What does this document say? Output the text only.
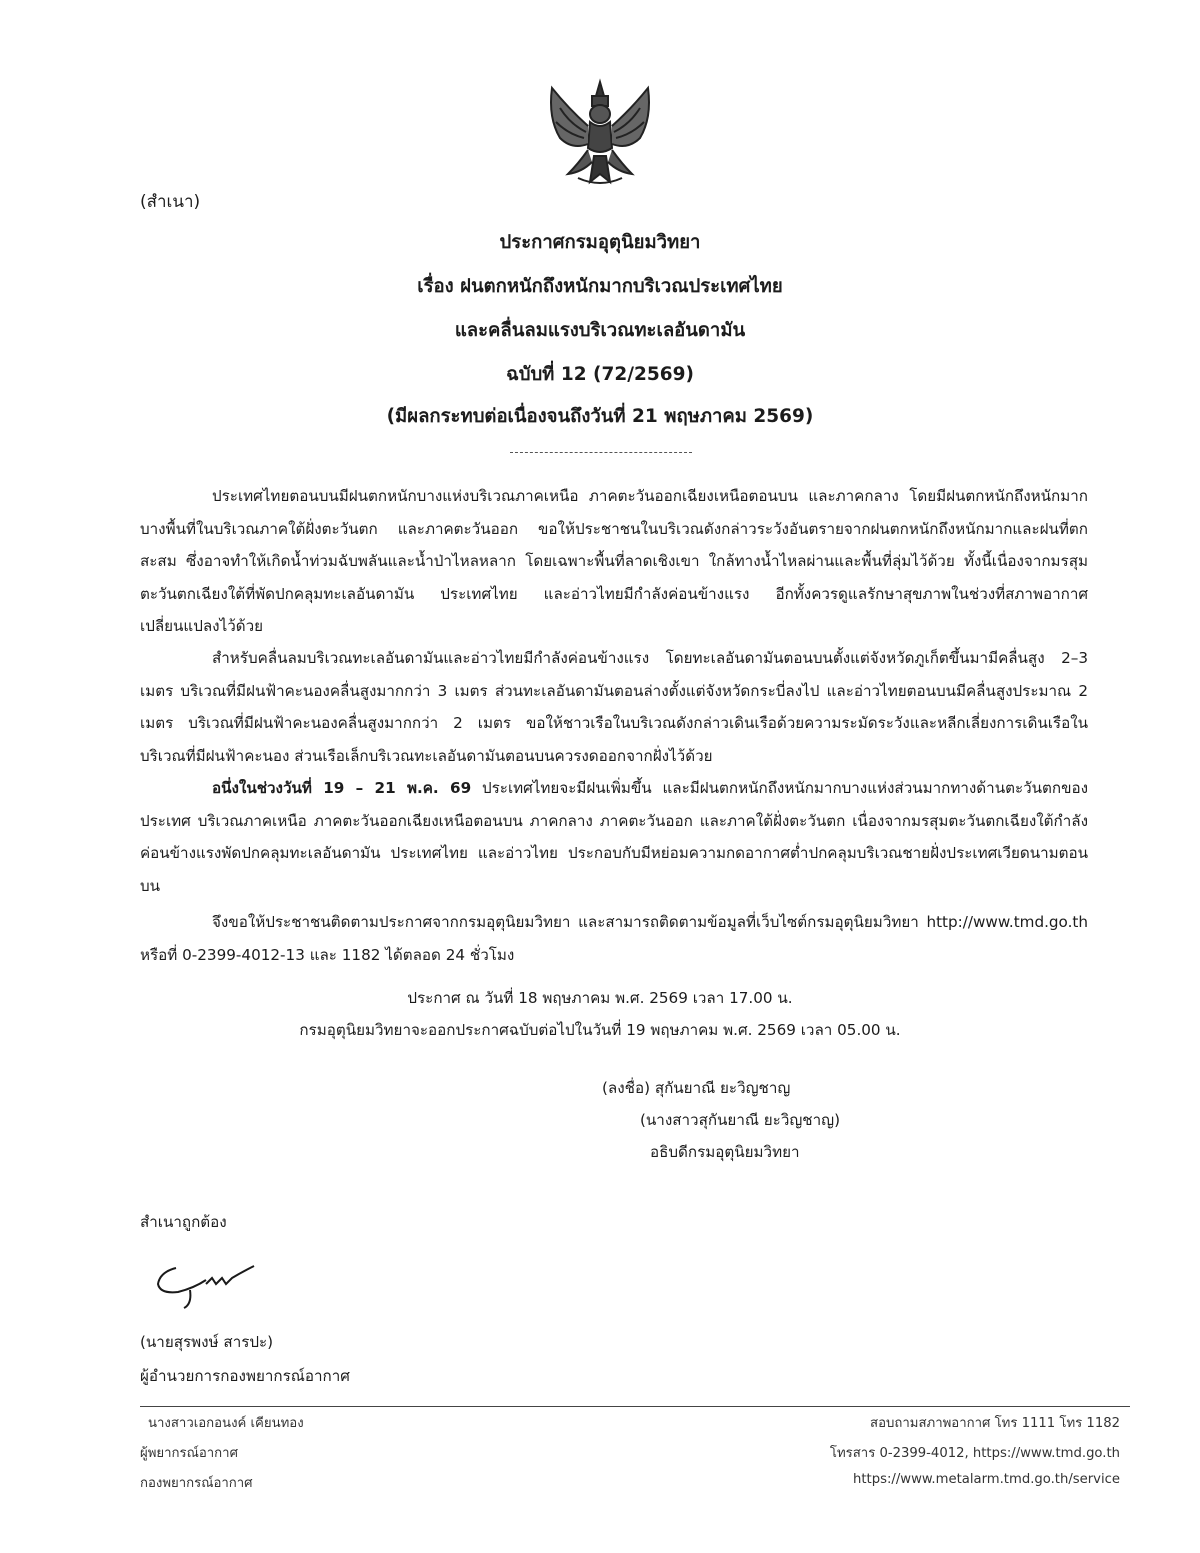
(สำเนา)
ประกาศกรมอุตุนิยมวิทยา
เรื่อง ฝนตกหนักถึงหนักมากบริเวณประเทศไทย
และคลื่นลมแรงบริเวณทะเลอันดามัน
ฉบับที่ 12 (72/2569)
(มีผลกระทบต่อเนื่องจนถึงวันที่ 21 พฤษภาคม 2569)
ประเทศไทยตอนบนมีฝนตกหนักบางแห่งบริเวณภาคเหนือ ภาคตะวันออกเฉียงเหนือตอนบน และภาคกลาง โดยมีฝนตกหนักถึงหนักมากบางพื้นที่ในบริเวณภาคใต้ฝั่งตะวันตก และภาคตะวันออก ขอให้ประชาชนในบริเวณดังกล่าวระวังอันตรายจากฝนตกหนักถึงหนักมากและฝนที่ตกสะสม ซึ่งอาจทำให้เกิดน้ำท่วมฉับพลันและน้ำป่าไหลหลาก โดยเฉพาะพื้นที่ลาดเชิงเขา ใกล้ทางน้ำไหลผ่านและพื้นที่ลุ่มไว้ด้วย ทั้งนี้เนื่องจากมรสุมตะวันตกเฉียงใต้ที่พัดปกคลุมทะเลอันดามัน ประเทศไทย และอ่าวไทยมีกำลังค่อนข้างแรง อีกทั้งควรดูแลรักษาสุขภาพในช่วงที่สภาพอากาศเปลี่ยนแปลงไว้ด้วย
สำหรับคลื่นลมบริเวณทะเลอันดามันและอ่าวไทยมีกำลังค่อนข้างแรง โดยทะเลอันดามันตอนบนตั้งแต่จังหวัดภูเก็ตขึ้นมามีคลื่นสูง 2–3 เมตร บริเวณที่มีฝนฟ้าคะนองคลื่นสูงมากกว่า 3 เมตร ส่วนทะเลอันดามันตอนล่างตั้งแต่จังหวัดกระบี่ลงไป และอ่าวไทยตอนบนมีคลื่นสูงประมาณ 2 เมตร บริเวณที่มีฝนฟ้าคะนองคลื่นสูงมากกว่า 2 เมตร ขอให้ชาวเรือในบริเวณดังกล่าวเดินเรือด้วยความระมัดระวังและหลีกเลี่ยงการเดินเรือในบริเวณที่มีฝนฟ้าคะนอง ส่วนเรือเล็กบริเวณทะเลอันดามันตอนบนควรงดออกจากฝั่งไว้ด้วย
อนึ่งในช่วงวันที่ 19 – 21 พ.ค. 69 ประเทศไทยจะมีฝนเพิ่มขึ้น และมีฝนตกหนักถึงหนักมากบางแห่งส่วนมากทางด้านตะวันตกของประเทศ บริเวณภาคเหนือ ภาคตะวันออกเฉียงเหนือตอนบน ภาคกลาง ภาคตะวันออก และภาคใต้ฝั่งตะวันตก เนื่องจากมรสุมตะวันตกเฉียงใต้กำลังค่อนข้างแรงพัดปกคลุมทะเลอันดามัน ประเทศไทย และอ่าวไทย ประกอบกับมีหย่อมความกดอากาศต่ำปกคลุมบริเวณชายฝั่งประเทศเวียดนามตอนบน
จึงขอให้ประชาชนติดตามประกาศจากกรมอุตุนิยมวิทยา และสามารถติดตามข้อมูลที่เว็บไซต์กรมอุตุนิยมวิทยา http://www.tmd.go.th หรือที่ 0-2399-4012-13 และ 1182 ได้ตลอด 24 ชั่วโมง
ประกาศ ณ วันที่ 18 พฤษภาคม พ.ศ. 2569 เวลา 17.00 น.
กรมอุตุนิยมวิทยาจะออกประกาศฉบับต่อไปในวันที่ 19 พฤษภาคม พ.ศ. 2569 เวลา 05.00 น.
(ลงชื่อ) สุกันยาณี ยะวิญชาญ
(นางสาวสุกันยาณี ยะวิญชาญ)
อธิบดีกรมอุตุนิยมวิทยา
สำเนาถูกต้อง
(นายสุรพงษ์ สารปะ)
ผู้อำนวยการกองพยากรณ์อากาศ
นางสาวเอกอนงค์ เคียนทอง
ผู้พยากรณ์อากาศ
กองพยากรณ์อากาศ
สอบถามสภาพอากาศ โทร 1111 โทร 1182
โทรสาร 0-2399-4012, https://www.tmd.go.th
https://www.metalarm.tmd.go.th/service
